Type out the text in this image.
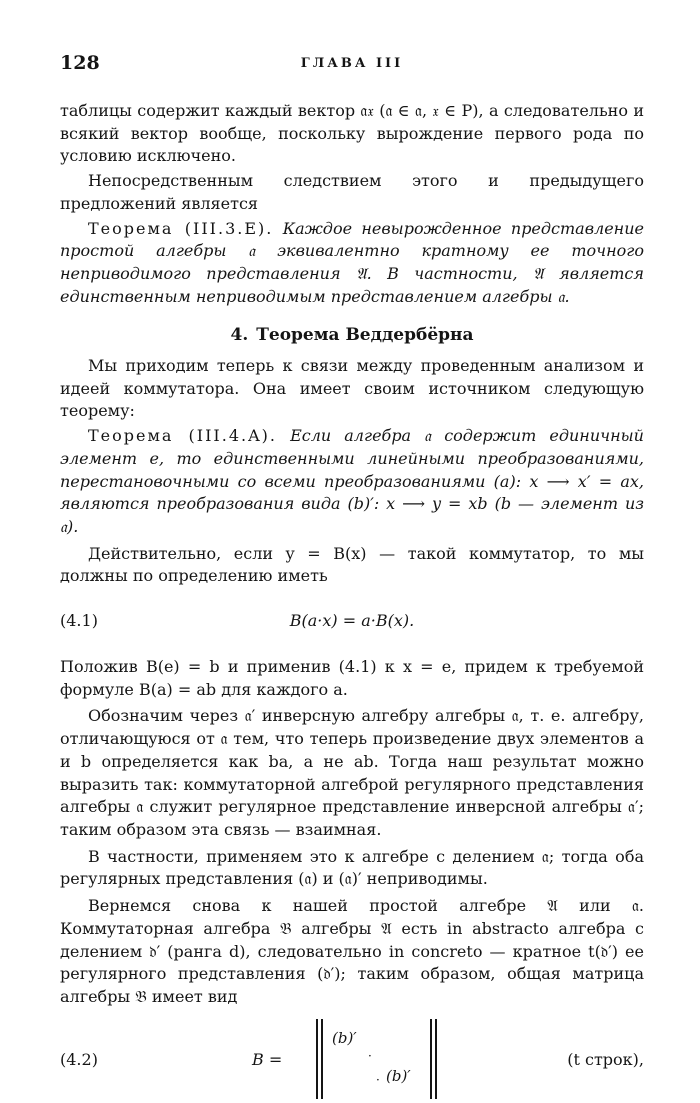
128	ГЛАВА III

таблицы содержит каждый вектор 𝔞𝔵 (𝔞 ∈ 𝔞, 𝔵 ∈ P), а следовательно и всякий вектор вообще, поскольку вырождение первого рода по условию исключено.

Непосредственным следствием этого и предыдущего предложений является

Теорема (III.3.E). Каждое невырожденное представление простой алгебры 𝔞 эквивалентно кратному ее точного неприводимого представления 𝔄. В частности, 𝔄 является единственным неприводимым представлением алгебры 𝔞.

4. Теорема Веддербёрна

Мы приходим теперь к связи между проведенным анализом и идеей коммутатора. Она имеет своим источником следующую теорему:

Теорема (III.4.A). Если алгебра 𝔞 содержит единичный элемент e, то единственными линейными преобразованиями, перестановочными со всеми преобразованиями (a): x ⟶ x′ = ax, являются преобразования вида (b)′: x ⟶ y = xb (b — элемент из 𝔞).

Действительно, если y = B(x) — такой коммутатор, то мы должны по определению иметь

(4.1)	B(a·x) = a·B(x).

Положив B(e) = b и применив (4.1) к x = e, придем к требуемой формуле B(a) = ab для каждого a.

Обозначим через 𝔞′ инверсную алгебру алгебры 𝔞, т. е. алгебру, отличающуюся от 𝔞 тем, что теперь произведение двух элементов a и b определяется как ba, а не ab. Тогда наш результат можно выразить так: коммутаторной алгеброй регулярного представления алгебры 𝔞 служит регулярное представление инверсной алгебры 𝔞′; таким образом эта связь — взаимная.

В частности, применяем это к алгебре с делением 𝔞; тогда оба регулярных представления (𝔞) и (𝔞)′ неприводимы.

Вернемся снова к нашей простой алгебре 𝔄 или 𝔞. Коммутаторная алгебра 𝔅 алгебры 𝔄 есть in abstracto алгебра с делением 𝔡′ (ранга d), следовательно in concreto — кратное t(𝔡′) ее регулярного представления (𝔡′); таким образом, общая матрица алгебры 𝔅 имеет вид

(4.2)	B =
(b)′
·
· (b)′
(t строк),
